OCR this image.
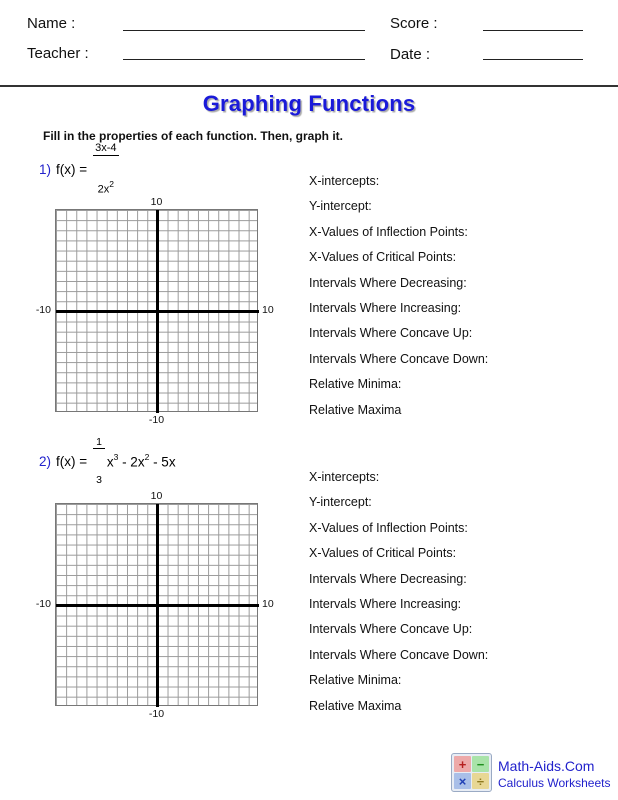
Name :
Teacher :
Score :
Date :
Graphing Functions
Fill in the properties of each function. Then, graph it.
1) f(x) =

$\frac{3x-4}{2x^2}$

	10
-10
-10	10
X-intercepts:
Y-intercept:
X-Values of Inflection Points:
X-Values of Critical Points:
Intervals Where Decreasing:
Intervals Where Increasing:
Intervals Where Concave Up:
Intervals Where Concave Down:
Relative Minima:
Relative Maxima
2) f(x) =

$\frac{1}{3}$

$x^3 - 2x^2 - 5x$
10
-10
-10	10
X-intercepts:
Y-intercept:
X-Values of Inflection Points:
X-Values of Critical Points:
Intervals Where Decreasing:
Intervals Where Increasing:
Intervals Where Concave Up:
Intervals Where Concave Down:
Relative Minima:
Relative Maxima
+ −
× ÷
Math-Aids.Com
Calculus Worksheets
